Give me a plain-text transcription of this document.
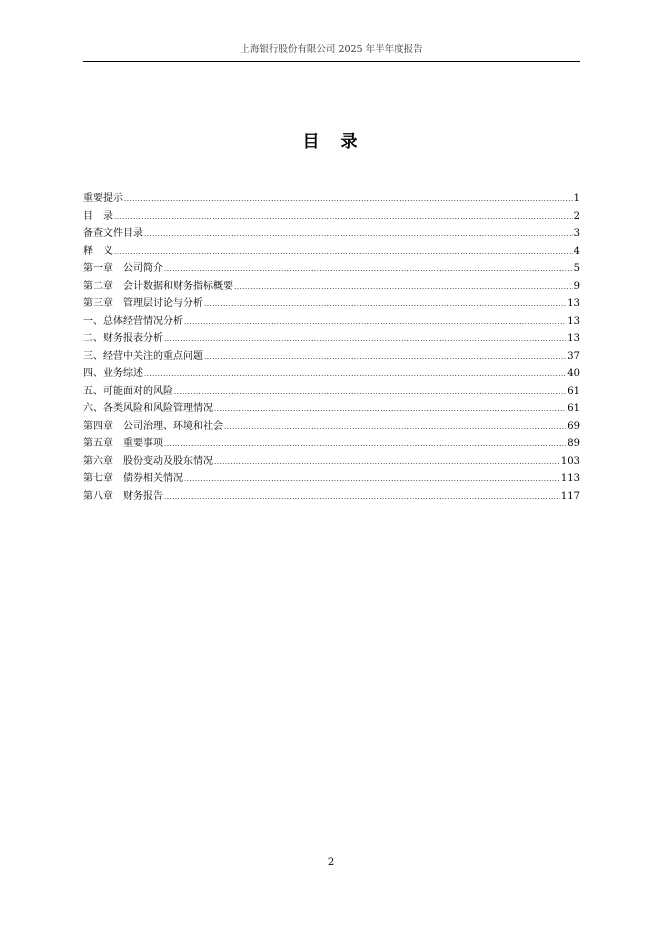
上海银行股份有限公司 2025 年半年度报告
目　录
重要提示 .....	1
目　录 .....	2
备查文件目录 .....	3
释　义 .....	4
第一章　公司简介 .....	5
第二章　会计数据和财务指标概要 .....	9
第三章　管理层讨论与分析 .....	13
一、总体经营情况分析 .....	13
二、财务报表分析 .....	13
三、经营中关注的重点问题 .....	37
四、业务综述 .....	40
五、可能面对的风险 .....	61
六、各类风险和风险管理情况 .....	61
第四章　公司治理、环境和社会 .....	69
第五章　重要事项 .....	89
第六章　股份变动及股东情况 .....	103
第七章　债券相关情况 .....	113
第八章　财务报告 .....	117
2
